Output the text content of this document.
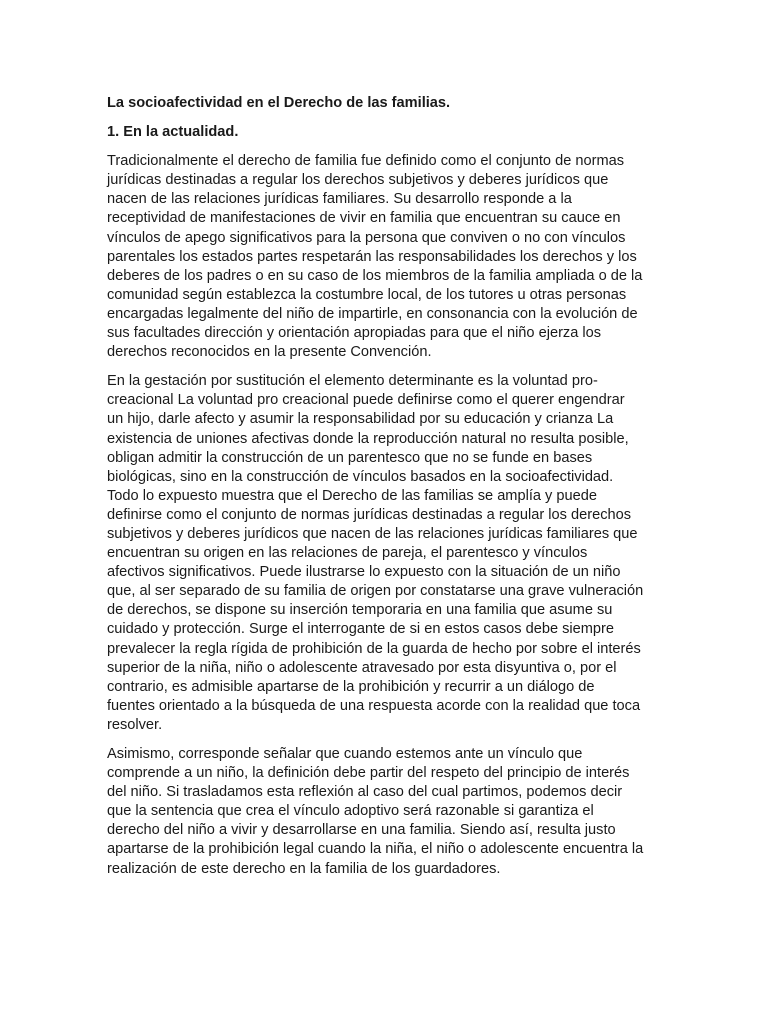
La socioafectividad en el Derecho de las familias.
1. En la actualidad.
Tradicionalmente el derecho de familia fue definido como el conjunto de normas
jurídicas destinadas a regular los derechos subjetivos y deberes jurídicos que
nacen de las relaciones jurídicas familiares. Su desarrollo responde a la
receptividad de manifestaciones de vivir en familia que encuentran su cauce en
vínculos de apego significativos para la persona que conviven o no con vínculos
parentales los estados partes respetarán las responsabilidades los derechos y los
deberes de los padres o en su caso de los miembros de la familia ampliada o de la
comunidad según establezca la costumbre local, de los tutores u otras personas
encargadas legalmente del niño de impartirle, en consonancia con la evolución de
sus facultades dirección y orientación apropiadas para que el niño ejerza los
derechos reconocidos en la presente Convención.
En la gestación por sustitución el elemento determinante es la voluntad pro-
creacional La voluntad pro creacional puede definirse como el querer engendrar
un hijo, darle afecto y asumir la responsabilidad por su educación y crianza La
existencia de uniones afectivas donde la reproducción natural no resulta posible,
obligan admitir la construcción de un parentesco que no se funde en bases
biológicas, sino en la construcción de vínculos basados en la socioafectividad.
Todo lo expuesto muestra que el Derecho de las familias se amplía y puede
definirse como el conjunto de normas jurídicas destinadas a regular los derechos
subjetivos y deberes jurídicos que nacen de las relaciones jurídicas familiares que
encuentran su origen en las relaciones de pareja, el parentesco y vínculos
afectivos significativos. Puede ilustrarse lo expuesto con la situación de un niño
que, al ser separado de su familia de origen por constatarse una grave vulneración
de derechos, se dispone su inserción temporaria en una familia que asume su
cuidado y protección. Surge el interrogante de si en estos casos debe siempre
prevalecer la regla rígida de prohibición de la guarda de hecho por sobre el interés
superior de la niña, niño o adolescente atravesado por esta disyuntiva o, por el
contrario, es admisible apartarse de la prohibición y recurrir a un diálogo de
fuentes orientado a la búsqueda de una respuesta acorde con la realidad que toca
resolver.
Asimismo, corresponde señalar que cuando estemos ante un vínculo que
comprende a un niño, la definición debe partir del respeto del principio de interés
del niño. Si trasladamos esta reflexión al caso del cual partimos, podemos decir
que la sentencia que crea el vínculo adoptivo será razonable si garantiza el
derecho del niño a vivir y desarrollarse en una familia. Siendo así, resulta justo
apartarse de la prohibición legal cuando la niña, el niño o adolescente encuentra la
realización de este derecho en la familia de los guardadores.
